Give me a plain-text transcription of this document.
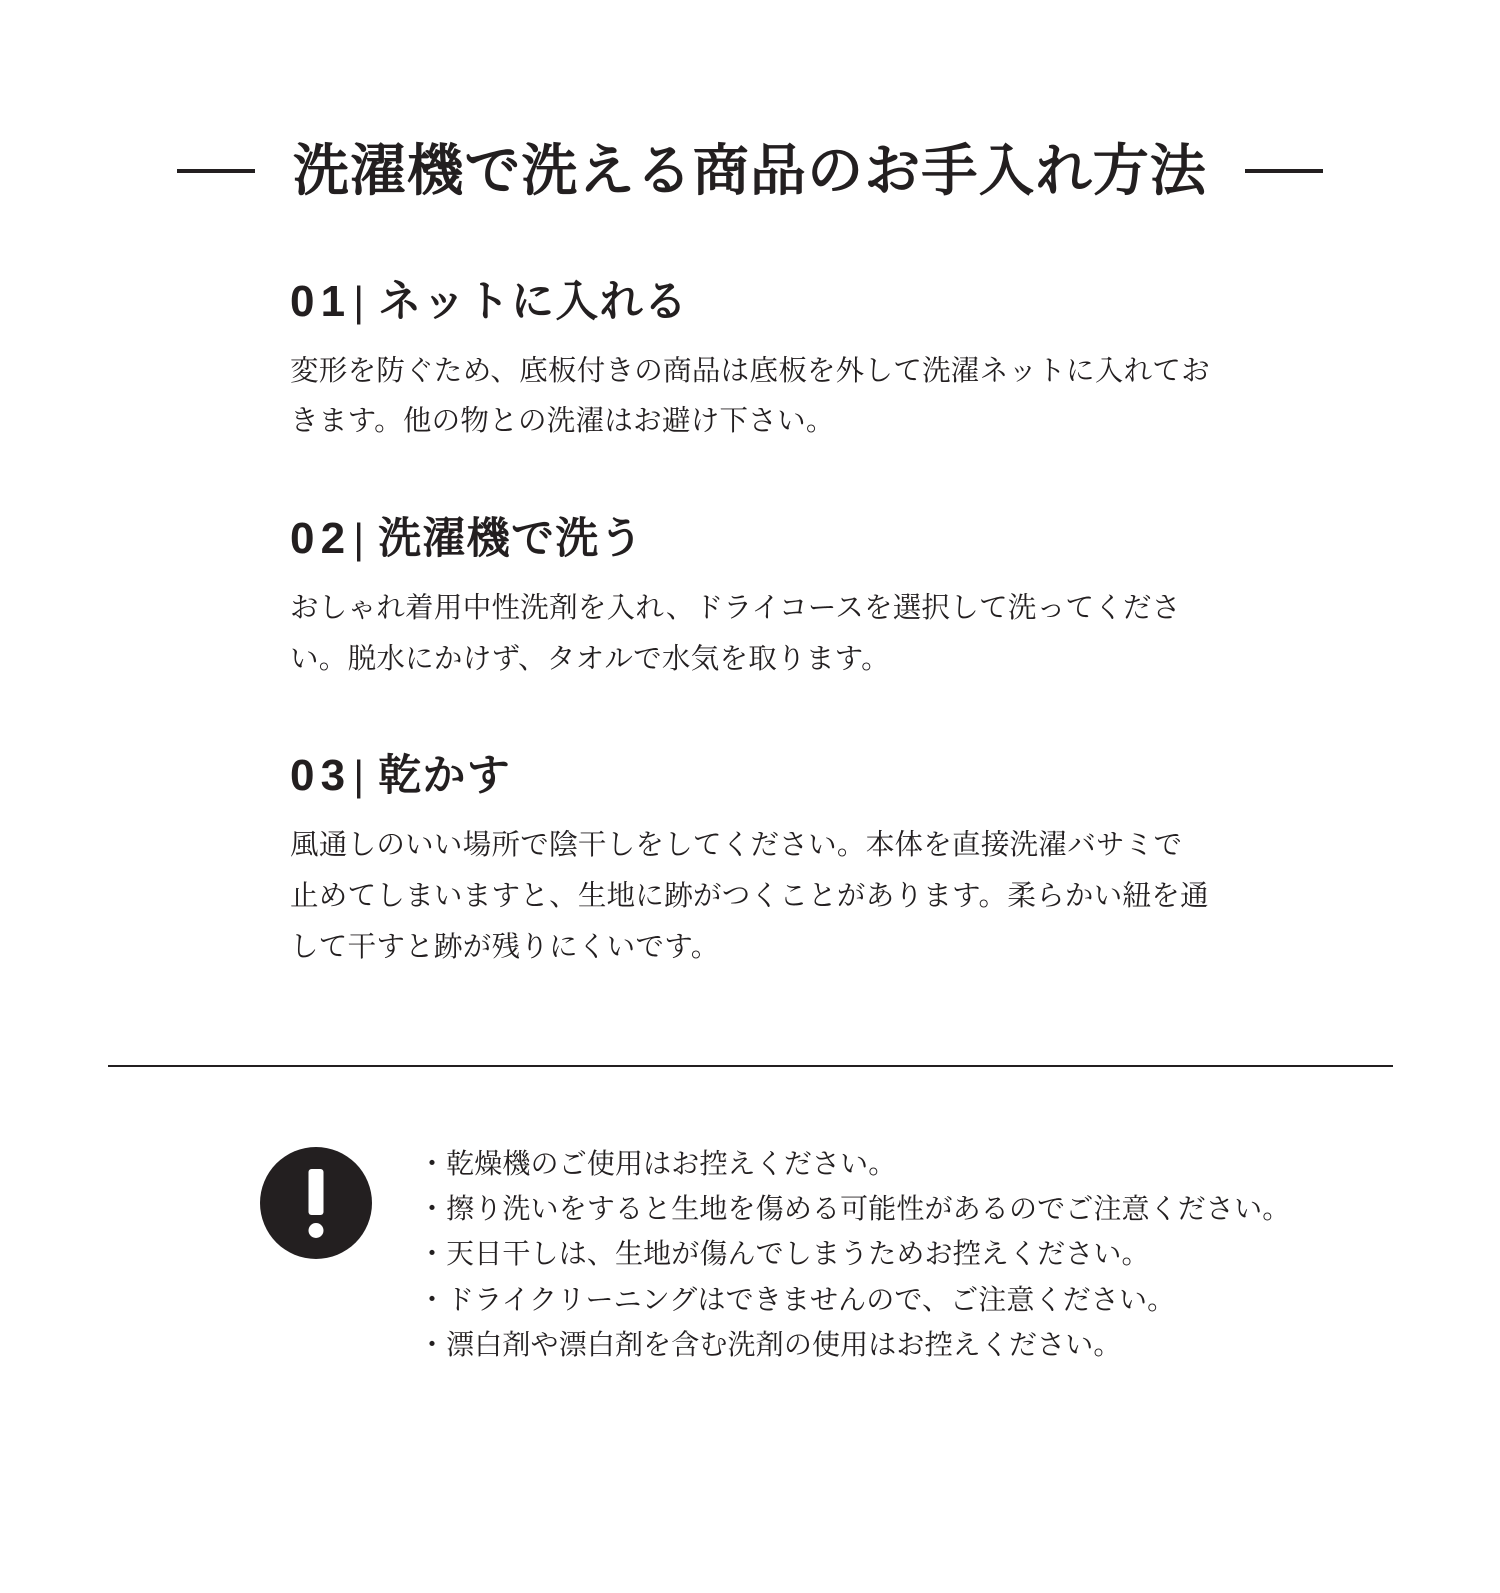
洗濯機で洗える商品のお手入れ方法
01 | ネットに入れる
変形を防ぐため、底板付きの商品は底板を外して洗濯ネットに入れておきます。他の物との洗濯はお避け下さい。
02 | 洗濯機で洗う
おしゃれ着用中性洗剤を入れ、ドライコースを選択して洗ってください。脱水にかけず、タオルで水気を取ります。
03 | 乾かす
風通しのいい場所で陰干しをしてください。本体を直接洗濯バサミで止めてしまいますと、生地に跡がつくことがあります。柔らかい紐を通して干すと跡が残りにくいです。
・乾燥機のご使用はお控えください。
・擦り洗いをすると生地を傷める可能性があるのでご注意ください。
・天日干しは、生地が傷んでしまうためお控えください。
・ドライクリーニングはできませんので、ご注意ください。
・漂白剤や漂白剤を含む洗剤の使用はお控えください。
